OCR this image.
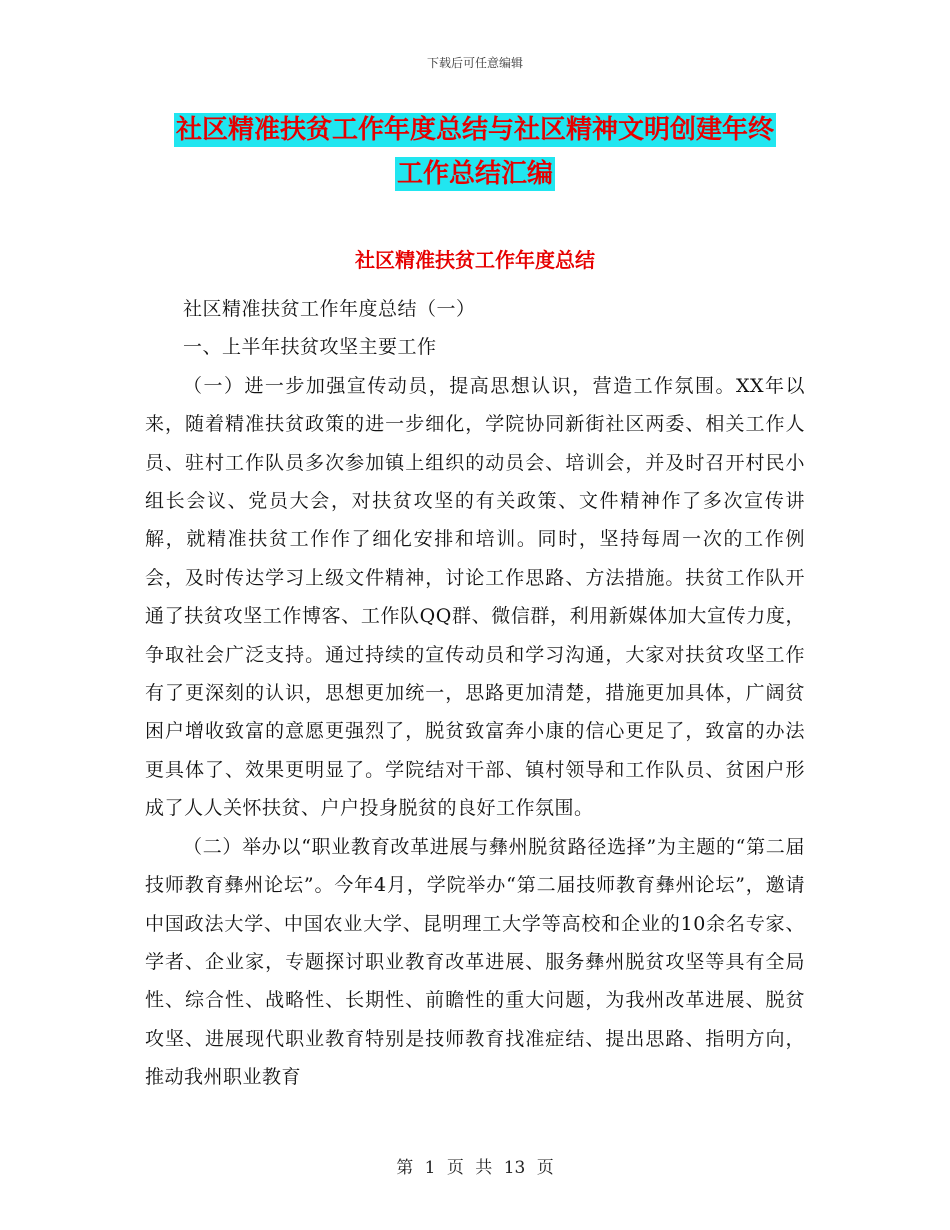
下载后可任意编辑
社区精准扶贫工作年度总结与社区精神文明创建年终
工作总结汇编
社区精准扶贫工作年度总结

社区精准扶贫工作年度总结（一）

一、上半年扶贫攻坚主要工作

（一）进一步加强宣传动员，提高思想认识，营造工作氛围。XX年以来，随着精准扶贫政策的进一步细化，学院协同新街社区两委、相关工作人员、驻村工作队员多次参加镇上组织的动员会、培训会，并及时召开村民小组长会议、党员大会，对扶贫攻坚的有关政策、文件精神作了多次宣传讲解，就精准扶贫工作作了细化安排和培训。同时，坚持每周一次的工作例会，及时传达学习上级文件精神，讨论工作思路、方法措施。扶贫工作队开通了扶贫攻坚工作博客、工作队QQ群、微信群，利用新媒体加大宣传力度，争取社会广泛支持。通过持续的宣传动员和学习沟通，大家对扶贫攻坚工作有了更深刻的认识，思想更加统一，思路更加清楚，措施更加具体，广阔贫困户增收致富的意愿更强烈了，脱贫致富奔小康的信心更足了，致富的办法更具体了、效果更明显了。学院结对干部、镇村领导和工作队员、贫困户形成了人人关怀扶贫、户户投身脱贫的良好工作氛围。

（二）举办以“职业教育改革进展与彝州脱贫路径选择”为主题的“第二届技师教育彝州论坛”。今年4月，学院举办“第二届技师教育彝州论坛”，邀请中国政法大学、中国农业大学、昆明理工大学等高校和企业的10余名专家、学者、企业家，专题探讨职业教育改革进展、服务彝州脱贫攻坚等具有全局性、综合性、战略性、长期性、前瞻性的重大问题，为我州改革进展、脱贫攻坚、进展现代职业教育特别是技师教育找准症结、提出思路、指明方向，推动我州职业教育

第 1 页 共 13 页
